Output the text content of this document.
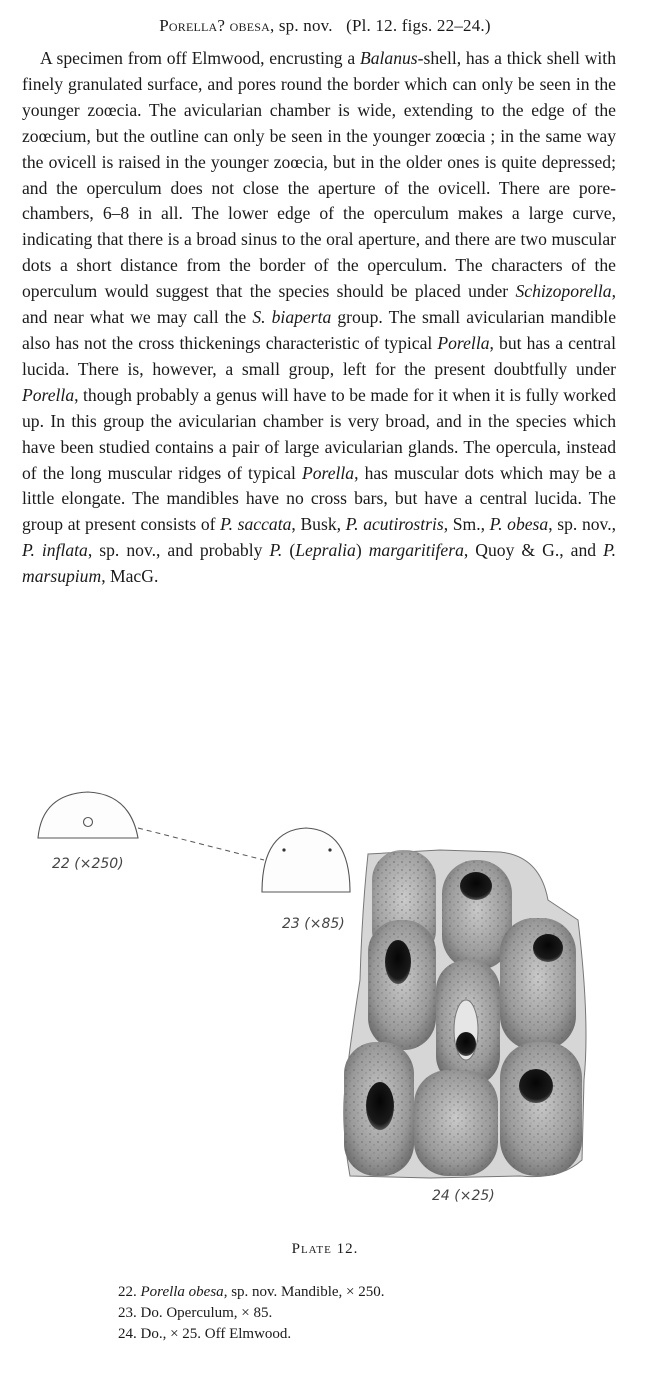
Porella? obesa, sp. nov. (Pl. 12. figs. 22–24.)

A specimen from off Elmwood, encrusting a Balanus-shell, has a thick shell with finely granulated surface, and pores round the border which can only be seen in the younger zoœcia. The avicularian chamber is wide, extending to the edge of the zoœcium, but the outline can only be seen in the younger zoœcia ; in the same way the ovicell is raised in the younger zoœcia, but in the older ones is quite depressed; and the operculum does not close the aperture of the ovicell. There are pore-chambers, 6–8 in all. The lower edge of the operculum makes a large curve, indicating that there is a broad sinus to the oral aperture, and there are two muscular dots a short distance from the border of the operculum. The characters of the operculum would suggest that the species should be placed under Schizoporella, and near what we may call the S. biaperta group. The small avicularian mandible also has not the cross thickenings characteristic of typical Porella, but has a central lucida. There is, however, a small group, left for the present doubtfully under Porella, though probably a genus will have to be made for it when it is fully worked up. In this group the avicularian chamber is very broad, and in the species which have been studied contains a pair of large avicularian glands. The opercula, instead of the long muscular ridges of typical Porella, has muscular dots which may be a little elongate. The mandibles have no cross bars, but have a central lucida. The group at present consists of P. saccata, Busk, P. acutirostris, Sm., P. obesa, sp. nov., P. inflata, sp. nov., and probably P. (Lepralia) margaritifera, Quoy & G., and P. marsupium, MacG.

22 (×250)
23 (×85)
24 (×25)
Plate 12.
22. Porella obesa, sp. nov. Mandible, × 250.
23. Do. Operculum, × 85.
24. Do., × 25. Off Elmwood.
